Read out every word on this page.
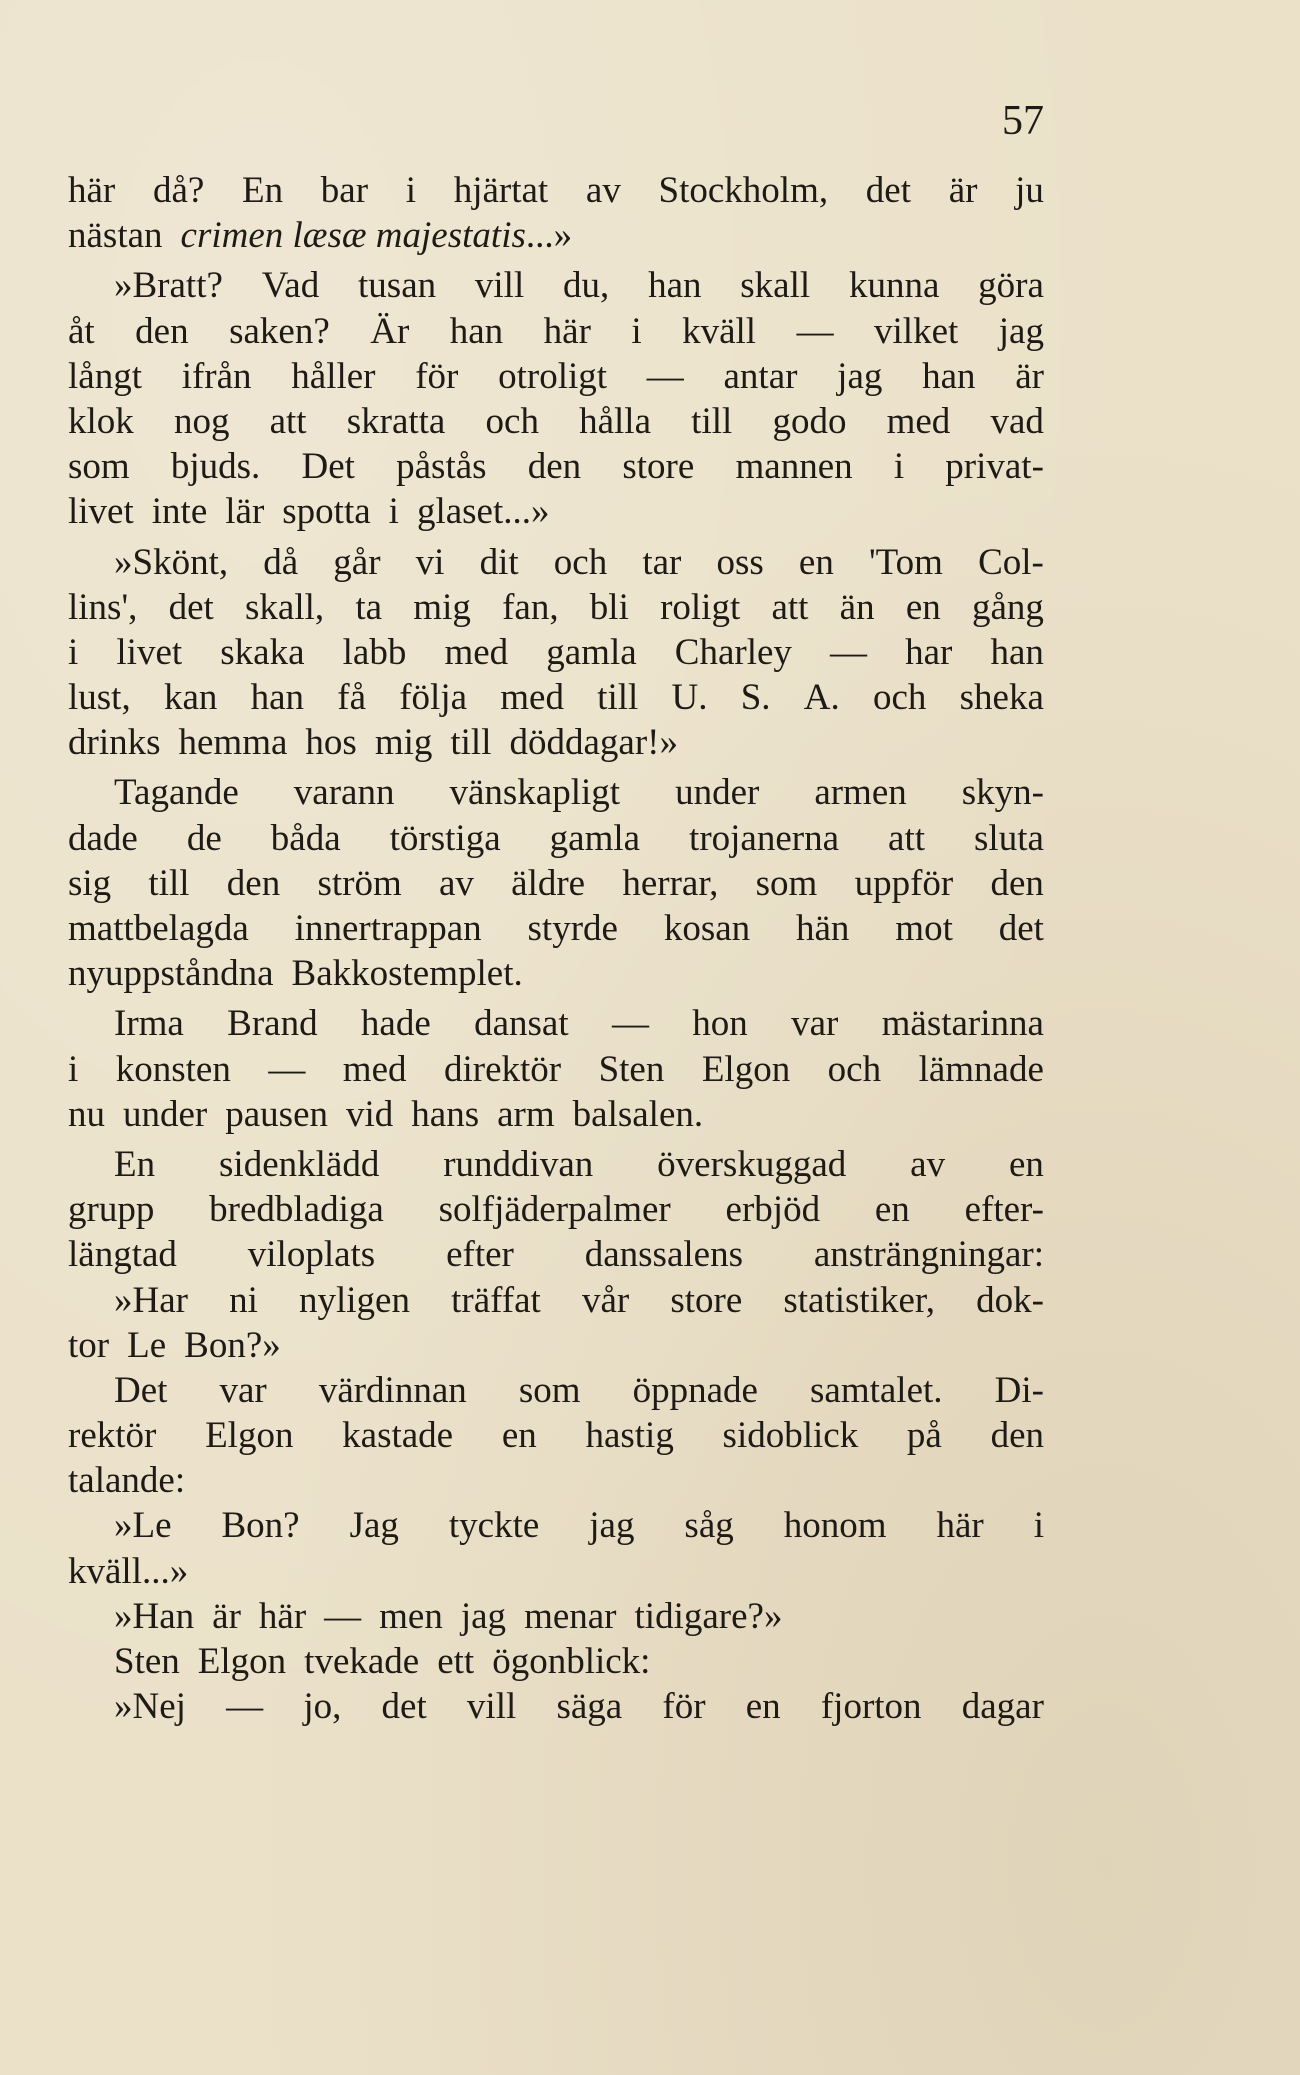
57
här då? En bar i hjärtat av Stockholm, det är ju
nästan crimen læsæ majestatis...»
»Bratt? Vad tusan vill du, han skall kunna göra
åt den saken? Är han här i kväll — vilket jag
långt ifrån håller för otroligt — antar jag han är
klok nog att skratta och hålla till godo med vad
som bjuds. Det påstås den store mannen i privat-
livet inte lär spotta i glaset...»
»Skönt, då går vi dit och tar oss en 'Tom Col-
lins', det skall, ta mig fan, bli roligt att än en gång
i livet skaka labb med gamla Charley — har han
lust, kan han få följa med till U. S. A. och sheka
drinks hemma hos mig till döddagar!»
Tagande varann vänskapligt under armen skyn-
dade de båda törstiga gamla trojanerna att sluta
sig till den ström av äldre herrar, som uppför den
mattbelagda innertrappan styrde kosan hän mot det
nyuppståndna Bakkostemplet.
Irma Brand hade dansat — hon var mästarinna
i konsten — med direktör Sten Elgon och lämnade
nu under pausen vid hans arm balsalen.
En sidenklädd runddivan överskuggad av en
grupp bredbladiga solfjäderpalmer erbjöd en efter-
längtad viloplats efter danssalens ansträngningar:
»Har ni nyligen träffat vår store statistiker, dok-
tor Le Bon?»
Det var värdinnan som öppnade samtalet. Di-
rektör Elgon kastade en hastig sidoblick på den
talande:
»Le Bon? Jag tyckte jag såg honom här i
kväll...»
»Han är här — men jag menar tidigare?»
Sten Elgon tvekade ett ögonblick:
»Nej — jo, det vill säga för en fjorton dagar
